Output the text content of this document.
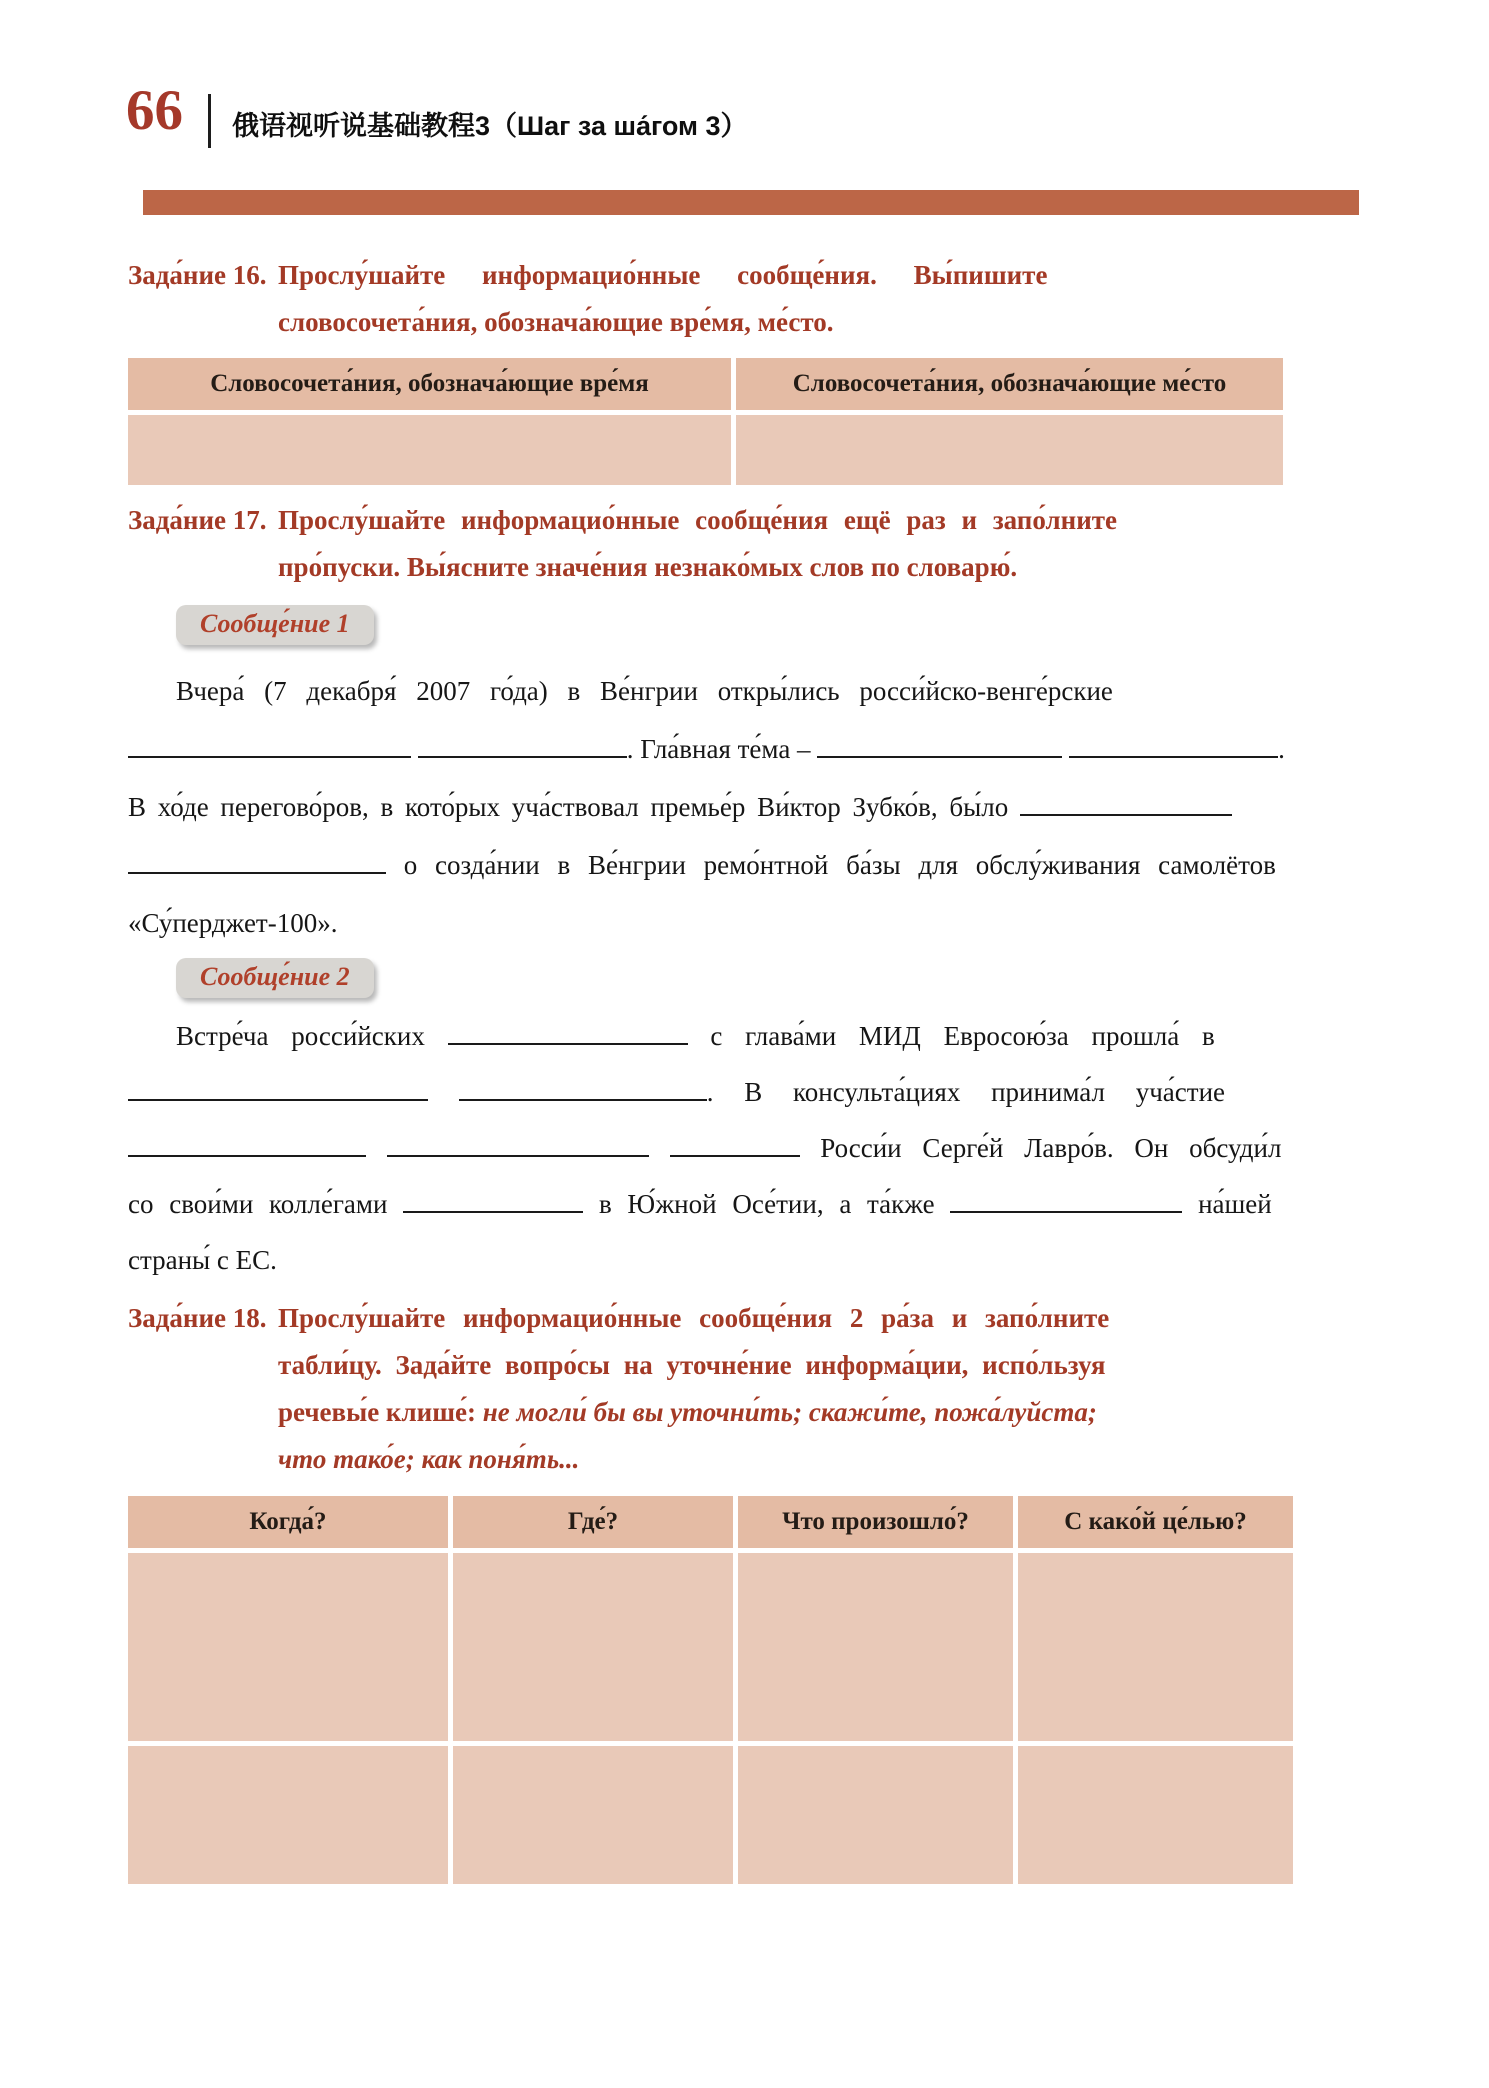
66 俄语视听说基础教程3（Шаг за ша́гом 3）
Зада́ние 16. Прослу́шайте информацио́нные сообще́ния. Вы́пишите
словосочета́ния, обознача́ющие вре́мя, ме́сто.
Словосочета́ния, обознача́ющие вре́мя	Словосочета́ния, обознача́ющие ме́сто
Зада́ние 17. Прослу́шайте информацио́нные сообще́ния ещё раз и запо́лните
про́пуски. Вы́ясните значе́ния незнако́мых слов по словарю́.
Сообще́ние 1
Вчера́ (7 декабря́ 2007 го́да) в Ве́нгрии откры́лись росси́йско-венге́рские
. Гла́вная те́ма –	.
В хо́де перегово́ров, в кото́рых уча́ствовал премье́р Ви́ктор Зубко́в, бы́ло
о созда́нии в Ве́нгрии ремо́нтной ба́зы для обслу́живания самолётов
«Су́перджет-100».
Сообще́ние 2
Встре́ча росси́йских	с глава́ми МИД Евросою́за прошла́ в
. В консульта́циях принима́л уча́стие
Росси́и Серге́й Лавро́в. Он обсуди́л
со свои́ми колле́гами	в Ю́жной Осе́тии, а та́кже	на́шей
страны́ с ЕС.
Зада́ние 18. Прослу́шайте информацио́нные сообще́ния 2 ра́за и запо́лните
табли́цу. Зада́йте вопро́сы на уточне́ние информа́ции, испо́льзуя
речевы́е клише́: не могли́ бы вы уточни́ть; скажи́те, пожа́луйста;
что тако́е; как поня́ть...
Когда́?	Где́?	Что произошло́?	С како́й це́лью?
